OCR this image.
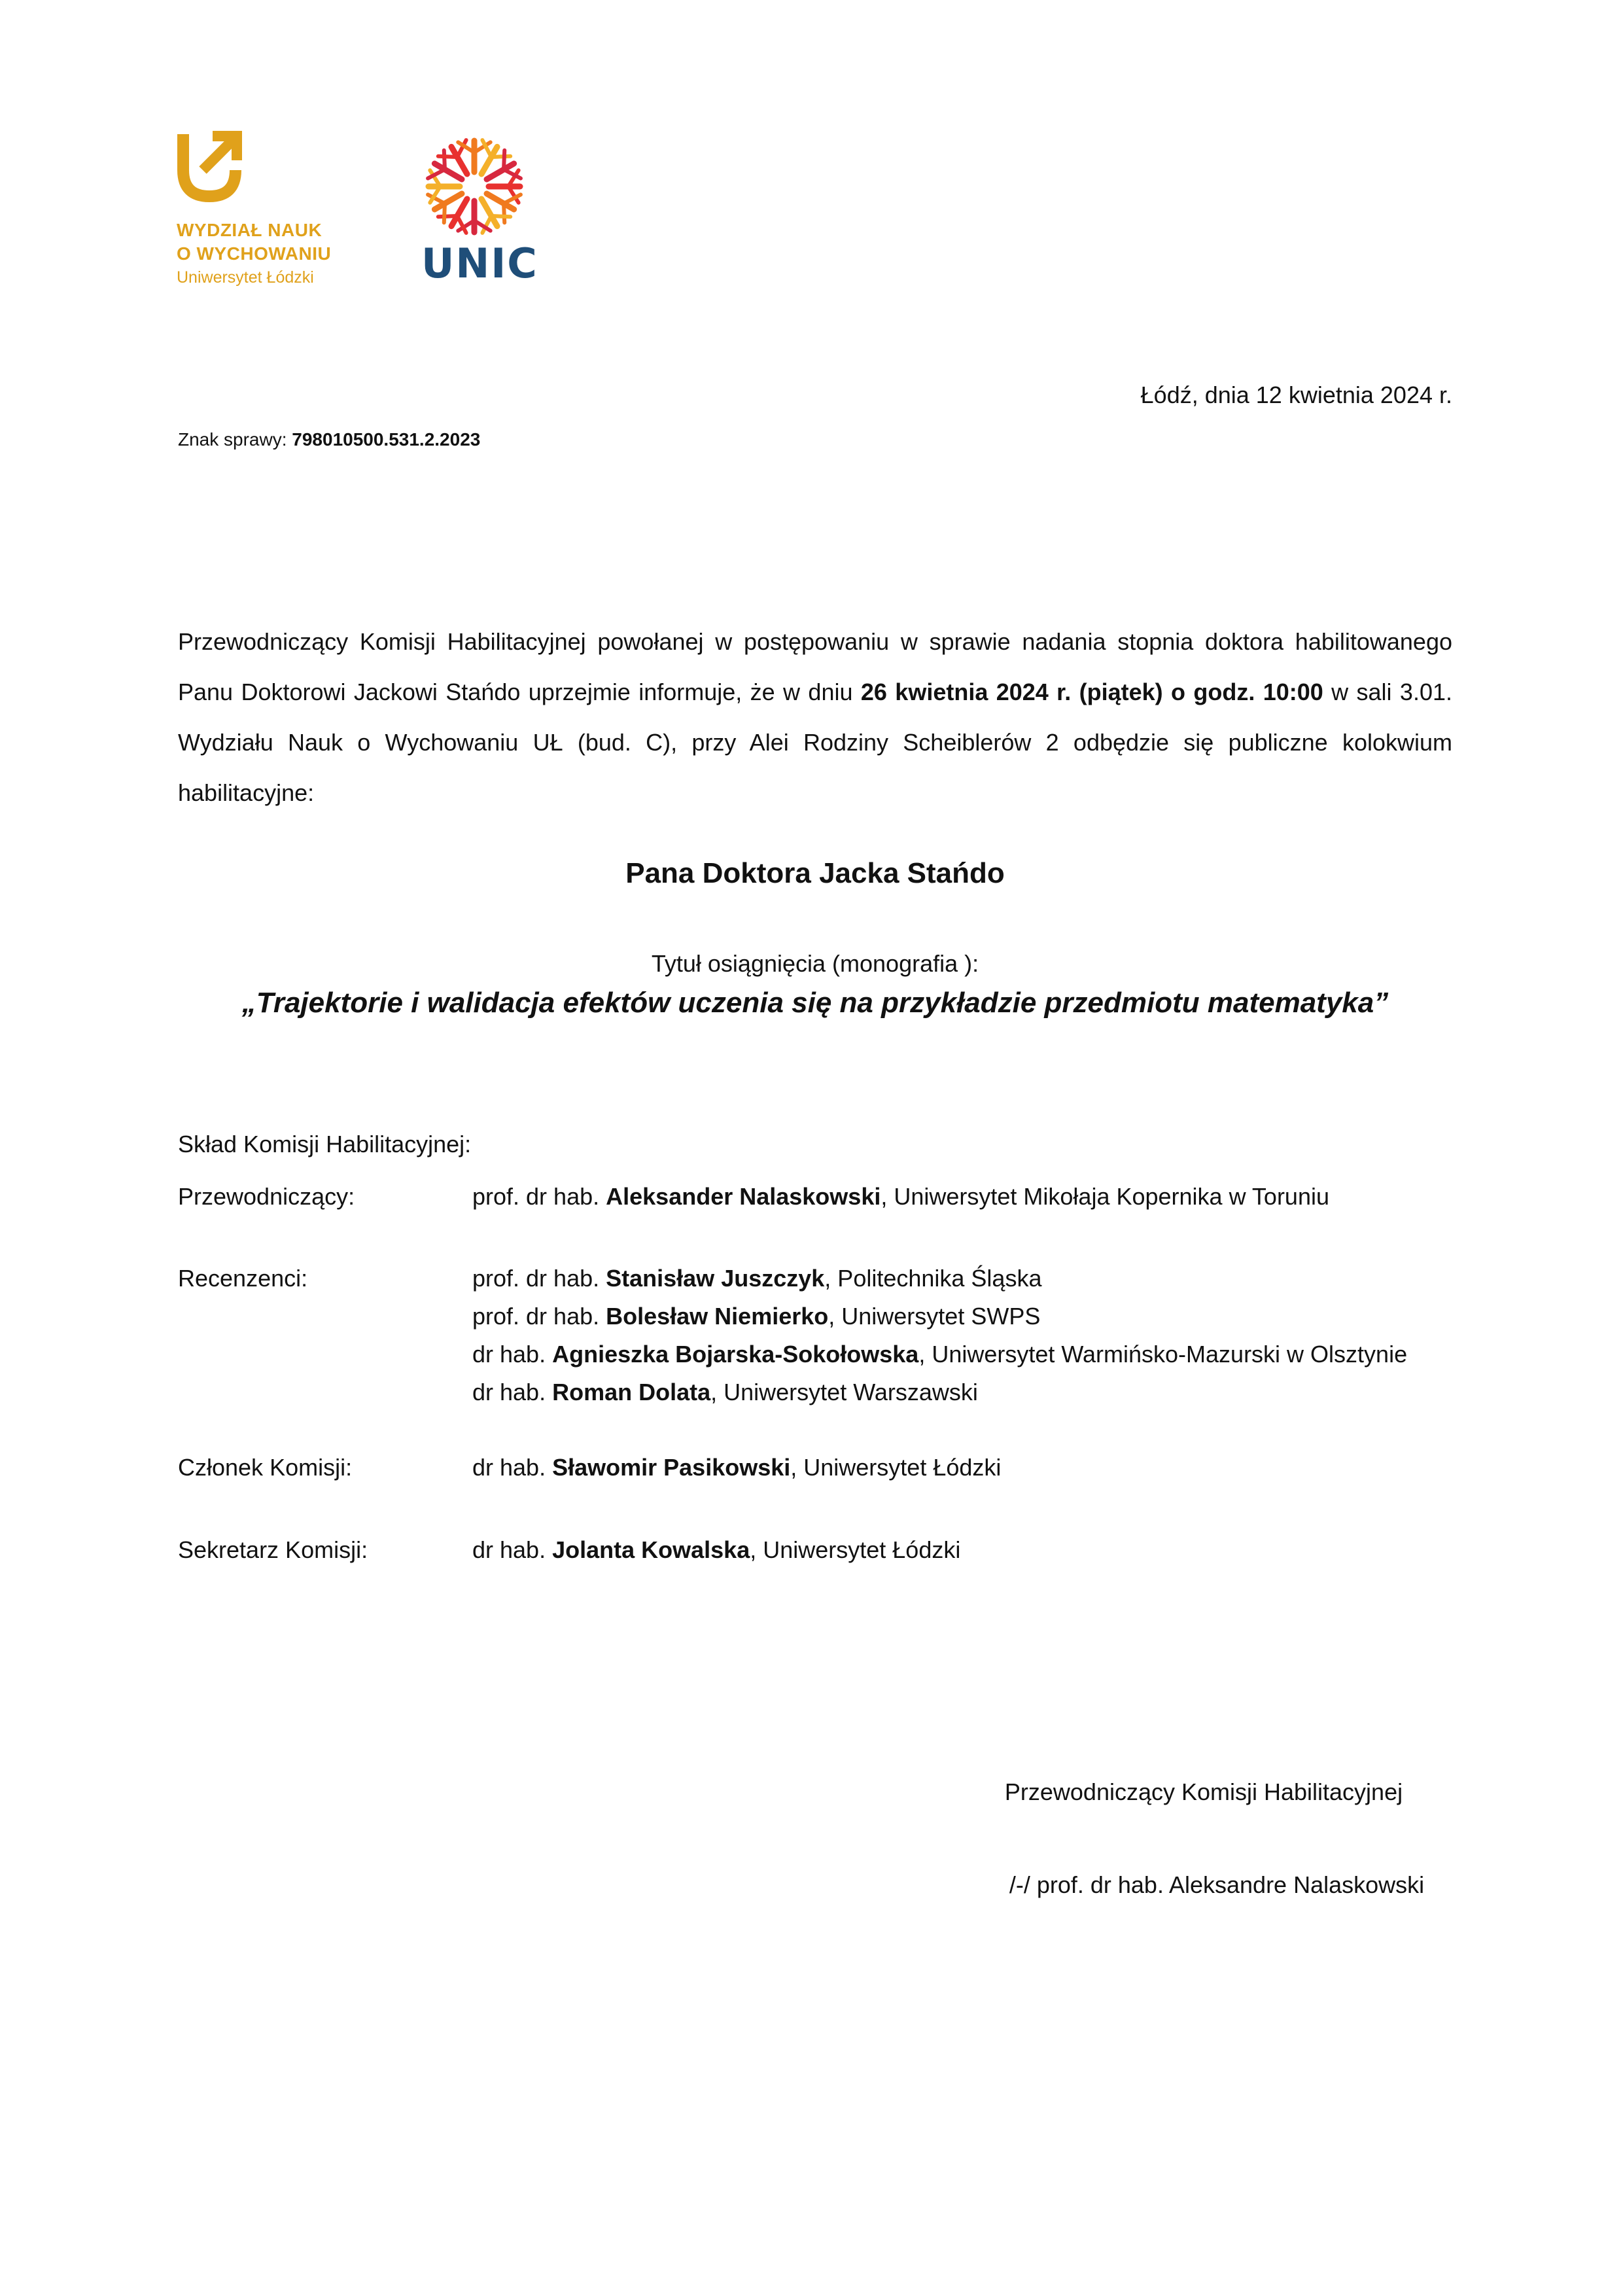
WYDZIAŁ NAUK
O WYCHOWANIU
Uniwersytet Łódzki	UNIC
Łódź, dnia 12 kwietnia 2024 r.
Znak sprawy: 798010500.531.2.2023
Przewodniczący Komisji Habilitacyjnej powołanej w postępowaniu w sprawie nadania stopnia doktora habilitowanego Panu Doktorowi Jackowi Stańdo uprzejmie informuje, że w dniu 26 kwietnia 2024 r. (piątek) o godz. 10:00 w sali 3.01. Wydziału Nauk o Wychowaniu UŁ (bud. C), przy Alei Rodziny Scheiblerów 2 odbędzie się publiczne kolokwium habilitacyjne:
Pana Doktora Jacka Stańdo
Tytuł osiągnięcia (monografia ):
„Trajektorie i walidacja efektów uczenia się na przykładzie przedmiotu matematyka”
Skład Komisji Habilitacyjnej:
Przewodniczący:	prof. dr hab. Aleksander Nalaskowski, Uniwersytet Mikołaja Kopernika w Toruniu
Recenzenci:	prof. dr hab. Stanisław Juszczyk, Politechnika Śląska
prof. dr hab. Bolesław Niemierko, Uniwersytet SWPS
dr hab. Agnieszka Bojarska-Sokołowska, Uniwersytet Warmińsko-Mazurski w Olsztynie
dr hab. Roman Dolata, Uniwersytet Warszawski
Członek Komisji:	dr hab. Sławomir Pasikowski, Uniwersytet Łódzki
Sekretarz Komisji:	dr hab. Jolanta Kowalska, Uniwersytet Łódzki
Przewodniczący Komisji Habilitacyjnej
/-/ prof. dr hab. Aleksandre Nalaskowski
